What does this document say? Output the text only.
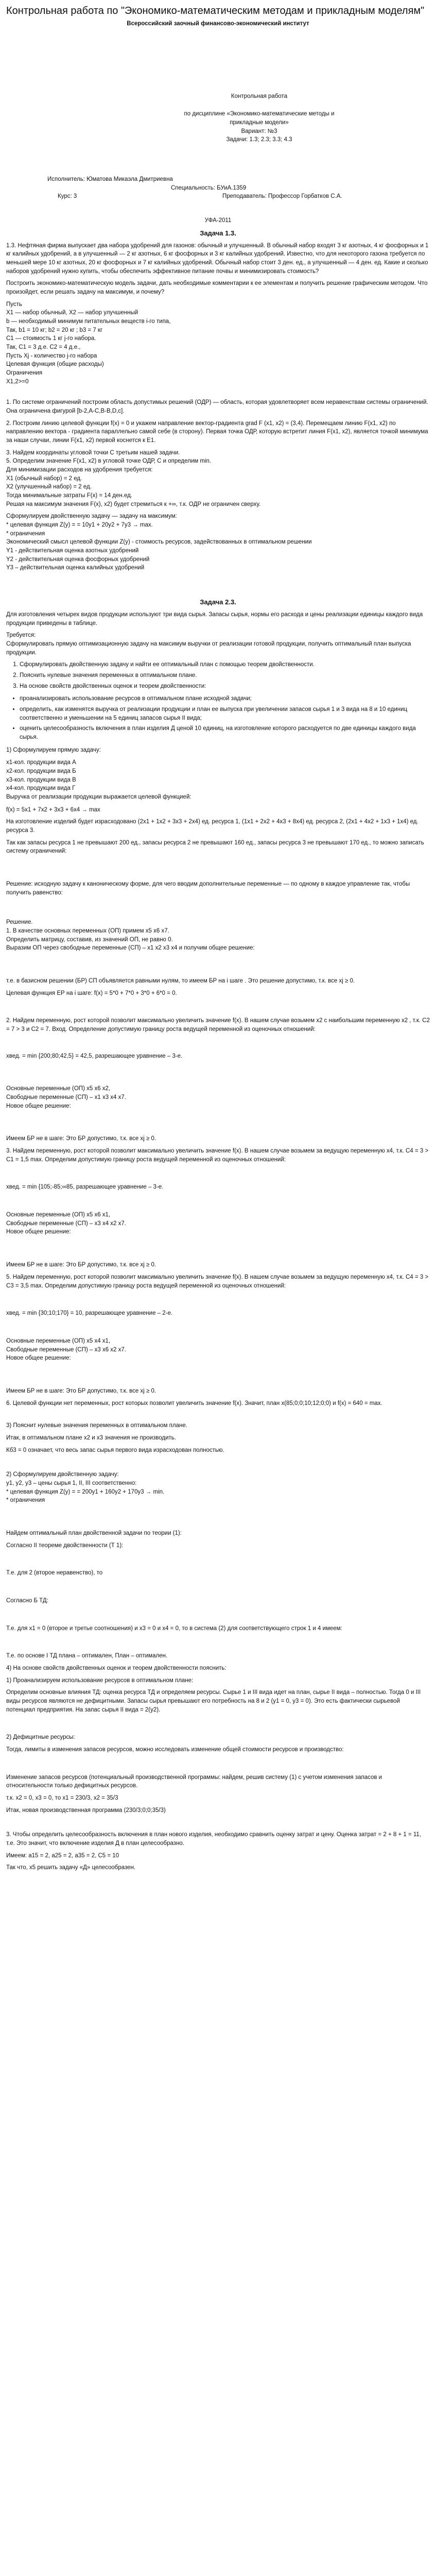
Контрольная работа по "Экономико-математическим методам и прикладным моделям"
Всероссийский заочный финансово-экономический институт

Контрольная работа

по дисциплине «Экономико-математические методы и

прикладные модели»

Вариант: №3

Задачи: 1.3; 2.3; 3.3; 4.3

Исполнитель: Юматова Микаэла Дмитриевна

Специальность: БУиА.1359

Курс: 3	Преподаватель: Профессор Горбатков С.А.

УФА-2011

Задача 1.3.

1.3. Нефтяная фирма выпускает два набора удобрений для газонов: обычный и улучшенный. В обычный набор входят 3 кг азотных, 4 кг фосфорных и 1 кг калийных удобрений, а в улучшенный — 2 кг азотных, 6 кг фосфорных и 3 кг калийных удобрений. Известно, что для некоторого газона требуется по меньшей мере 10 кг азотных, 20 кг фосфорных и 7 кг калийных удобрений. Обычный набор стоит 3 ден. ед., а улучшенный — 4 ден. ед. Какие и сколько наборов удобрений нужно купить, чтобы обеспечить эффективное питание почвы и минимизировать стоимость?

Построить экономико-математическую модель задачи, дать необходимые комментарии к ее элементам и получить решение графическим методом. Что произойдет, если решать задачу на максимум, и почему?

Пусть

Х1 — набор обычный, Х2 — набор улучшенный

b — необходимый минимум питательных веществ i-го типа,

Так, b1 = 10 кг; b2 = 20 кг ; b3 = 7 кг

С1 — стоимость 1 кг j-го набора.

Так, С1 = 3 д.е. С2 = 4 д.е.,

Пусть Xj - количество j-го набора

Целевая функция (общие расходы)

Ограничения

X1,2>=0

1. По системе ограничений построим область допустимых решений (ОДР) — область, которая удовлетворяет всем неравенствам системы ограничений. Она ограничена фигурой [b-2,A-C,B-B,D,c].

2. Построим линию целевой функции f(x) = 0 и укажем направление вектор-градиента grad F (x1, x2) = (3,4). Перемещаем линию F(x1, x2) по направлению вектора - градиента параллельно самой себе (в сторону). Первая точка ОДР, которую встретит линия F(x1, x2), является точкой минимума за наши случаи, линии F(x1, x2) первой коснется к Е1.

3. Найдем координаты угловой точки С третьим нашей задачи.

5. Определим значение F(x1, x2) в угловой точке ОДР, С и определим min.

Для минимизации расходов на удобрения требуется:

Х1 (обычный набор) = 2 ед.

Х2 (улучшенный набор) = 2 ед.

Тогда минимальные затраты F(x) = 14 ден.ед.

Решая на максимум значения F(x), x2) будет стремиться к +∞, т.к. ОДР не ограничен сверху.

Сформулируем двойственную задачу — задачу на максимум:

* целевая функция Z(y) = = 10y1 + 20y2 + 7y3 → max.

* ограничения

Экономический смысл целевой функции Z(y) - стоимость ресурсов, задействованных в оптимальном решении

Y1 - действительная оценка азотных удобрений

Y2 - действительная оценка фосфорных удобрений

Y3 – действительная оценка калийных удобрений

Задача 2.3.

Для изготовления четырех видов продукции используют три вида сырья. Запасы сырья, нормы его расхода и цены реализации единицы каждого вида продукции приведены в таблице.

Требуется:

Сформулировать прямую оптимизационную задачу на максимум выручки от реализации готовой продукции, получить оптимальный план выпуска продукции.

1. Сформулировать двойственную задачу и найти ее оптимальный план с помощью теорем двойственности.
2. Пояснить нулевые значения переменных в оптимальном плане.
3. На основе свойств двойственных оценок и теорем двойственности:
• проанализировать использование ресурсов в оптимальном плане исходной задачи;
• определить, как изменятся выручка от реализации продукции и план ее выпуска при увеличении запасов сырья 1 и 3 вида на 8 и 10 единиц соответственно и уменьшении на 5 единиц запасов сырья II вида;
• оценить целесообразность включения в план изделия Д ценой 10 единиц, на изготовление которого расходуется по две единицы каждого вида сырья.

1) Сформулируем прямую задачу:

x1-кол. продукции вида А

х2-кол. продукции вида Б

х3-кол. продукции вида В

х4-кол. продукции вида Г

Выручка от реализации продукции выражается целевой функцией:

f(x) = 5x1 + 7x2 + 3x3 + 6x4 → max

На изготовление изделий будет израсходовано (2х1 + 1х2 + 3х3 + 2х4) ед. ресурса 1, (1х1 + 2х2 + 4х3 + 8х4) ед. ресурса 2, (2х1 + 4х2 + 1х3 + 1х4) ед. ресурса 3.

Так как запасы ресурса 1 не превышают 200 ед., запасы ресурса 2 не превышают 160 ед., запасы ресурса 3 не превышают 170 ед., то можно записать систему ограничений:

Решение: исходную задачу к каноническому форме, для чего вводим дополнительные переменные — по одному в каждое управление так, чтобы получить равенство:

Решение.

1. В качестве основных переменных (ОП) примем х5 х6 х7.

Определить матрицу, составив, из значений ОП, не равно 0.

Выразим ОП через свободные переменные (СП) – х1 х2 х3 х4 и получим общее решение:

т.е. в базисном решении (БР) СП объявляется равными нулям, то имеем БР на i шаге . Это решение допустимо, т.к. все xj ≥ 0.

Целевая функция ЕР на i шаге: f(x) = 5*0 + 7*0 + 3*0 + 6*0 = 0.

2. Найдем переменную, рост которой позволит максимально увеличить значение f(x). В нашем случае возьмем х2 с наибольшим переменную х2 , т.к. С2 = 7 > 3 и С2 = 7. Вход. Определение допустимую границу роста ведущей переменной из оценочных отношений:

xвед. = min {200;80;42,5} = 42,5, разрешающее уравнение – 3-е.

Основные переменные (ОП) х5 х6 х2,

Свободные переменные (СП) – х1 х3 х4 х7.

Новое общее решение:

Имеем БР не в шаге: Это БР допустимо, т.к. все xj ≥ 0.

3. Найдем переменную, рост которой позволит максимально увеличить значение f(x). В нашем случае возьмем за ведущую переменную х4, т.к. С4 = 3 > С1 = 1,5 max. Определим допустимую границу роста ведущей переменной из оценочных отношений:

xвед. = min {105;-85;∞85, разрешающее уравнение – 3-е.

Основные переменные (ОП) х5 х6 х1,

Свободные переменные (СП) – х3 х4 х2 х7.

Новое общее решение:

Имеем БР не в шаге: Это БР допустимо, т.к. все xj ≥ 0.

5. Найдем переменную, рост которой позволит максимально увеличить значение f(x). В нашем случае возьмем за ведущую переменную х4, т.к. С4 = 3 > С3 = 3,5 max. Определим допустимую границу роста ведущей переменной из оценочных отношений:

xвед. = min {30;10;170} = 10, разрешающее уравнение – 2-е.

Основные переменные (ОП) х5 х4 х1,

Свободные переменные (СП) – х3 х6 х2 х7.

Новое общее решение:

Имеем БР не в шаге: Это БР допустимо, т.к. все xj ≥ 0.

6. Целевой функции нет переменных, рост которых позволит увеличить значение f(x). Значит, план x(85;0;0;10;12;0;0) и f(x) = 640 = max.

3) Пояснит нулевые значения переменных в оптимальном плане.

Итак, в оптимальном плане x2 и x3 значения не производить.

Кб3 = 0 означает, что весь запас сырья первого вида израсходован полностью.

2) Сформулируем двойственную задачу:

y1, y2, y3 – цены сырья 1, II, III соответственно:

* целевая функция Z(y) = = 200y1 + 160y2 + 170y3 → min.

* ограничения

Найдем оптимальный план двойственной задачи по теории (1):

Согласно II теореме двойственности (Т 1):

Т.е. для 2 (второе неравенство), то

Согласно Б ТД:

Т.е. для х1 = 0 (второе и третье соотношения) и х3 = 0 и х4 = 0, то в система (2) для соответствующего строк 1 и 4 имеем:

Т.е. по основе I ТД плана – оптимален, План – оптимален.

4) На основе свойств двойственных оценок и теорем двойственности пояснить:

1) Проанализируем использование ресурсов в оптимальном плане:

Определим основные влияния ТД: оценка ресурса ТД и определяем ресурсы. Сырье 1 и III вида идет на план, сырье II вида – полностью. Тогда 0 и III виды ресурсов являются не дефицитными. Запасы сырья превышают его потребность на 8 и 2 (y1 = 0, y3 = 0). Это есть фактически сырьевой потенциал предприятия. На запас сырья II вида = 2(y2).

2) Дефицитные ресурсы:

Тогда, лимиты в изменения запасов ресурсов, можно исследовать изменение общей стоимости ресурсов и производство:

Изменение запасов ресурсов (потенциальный производственной программы: найдем, решив систему (1) с учетом изменения запасов и относительности только дефицитных ресурсов.

т.к. х2 = 0, х3 = 0, то х1 = 230/3, х2 = 35/3

Итак, новая производственная программа (230/3;0;0;35/3)

3. Чтобы определить целесообразность включения в план нового изделия, необходимо сравнить оценку затрат и цену. Оценка затрат = 2 + 8 + 1 = 11, т.е. Это значит, что включение изделия Д в план целесообразно.

Имеем: а15 = 2, а25 = 2, а35 = 2, С5 = 10

Так что, x5 решить задачу «Д» целесообразен.
